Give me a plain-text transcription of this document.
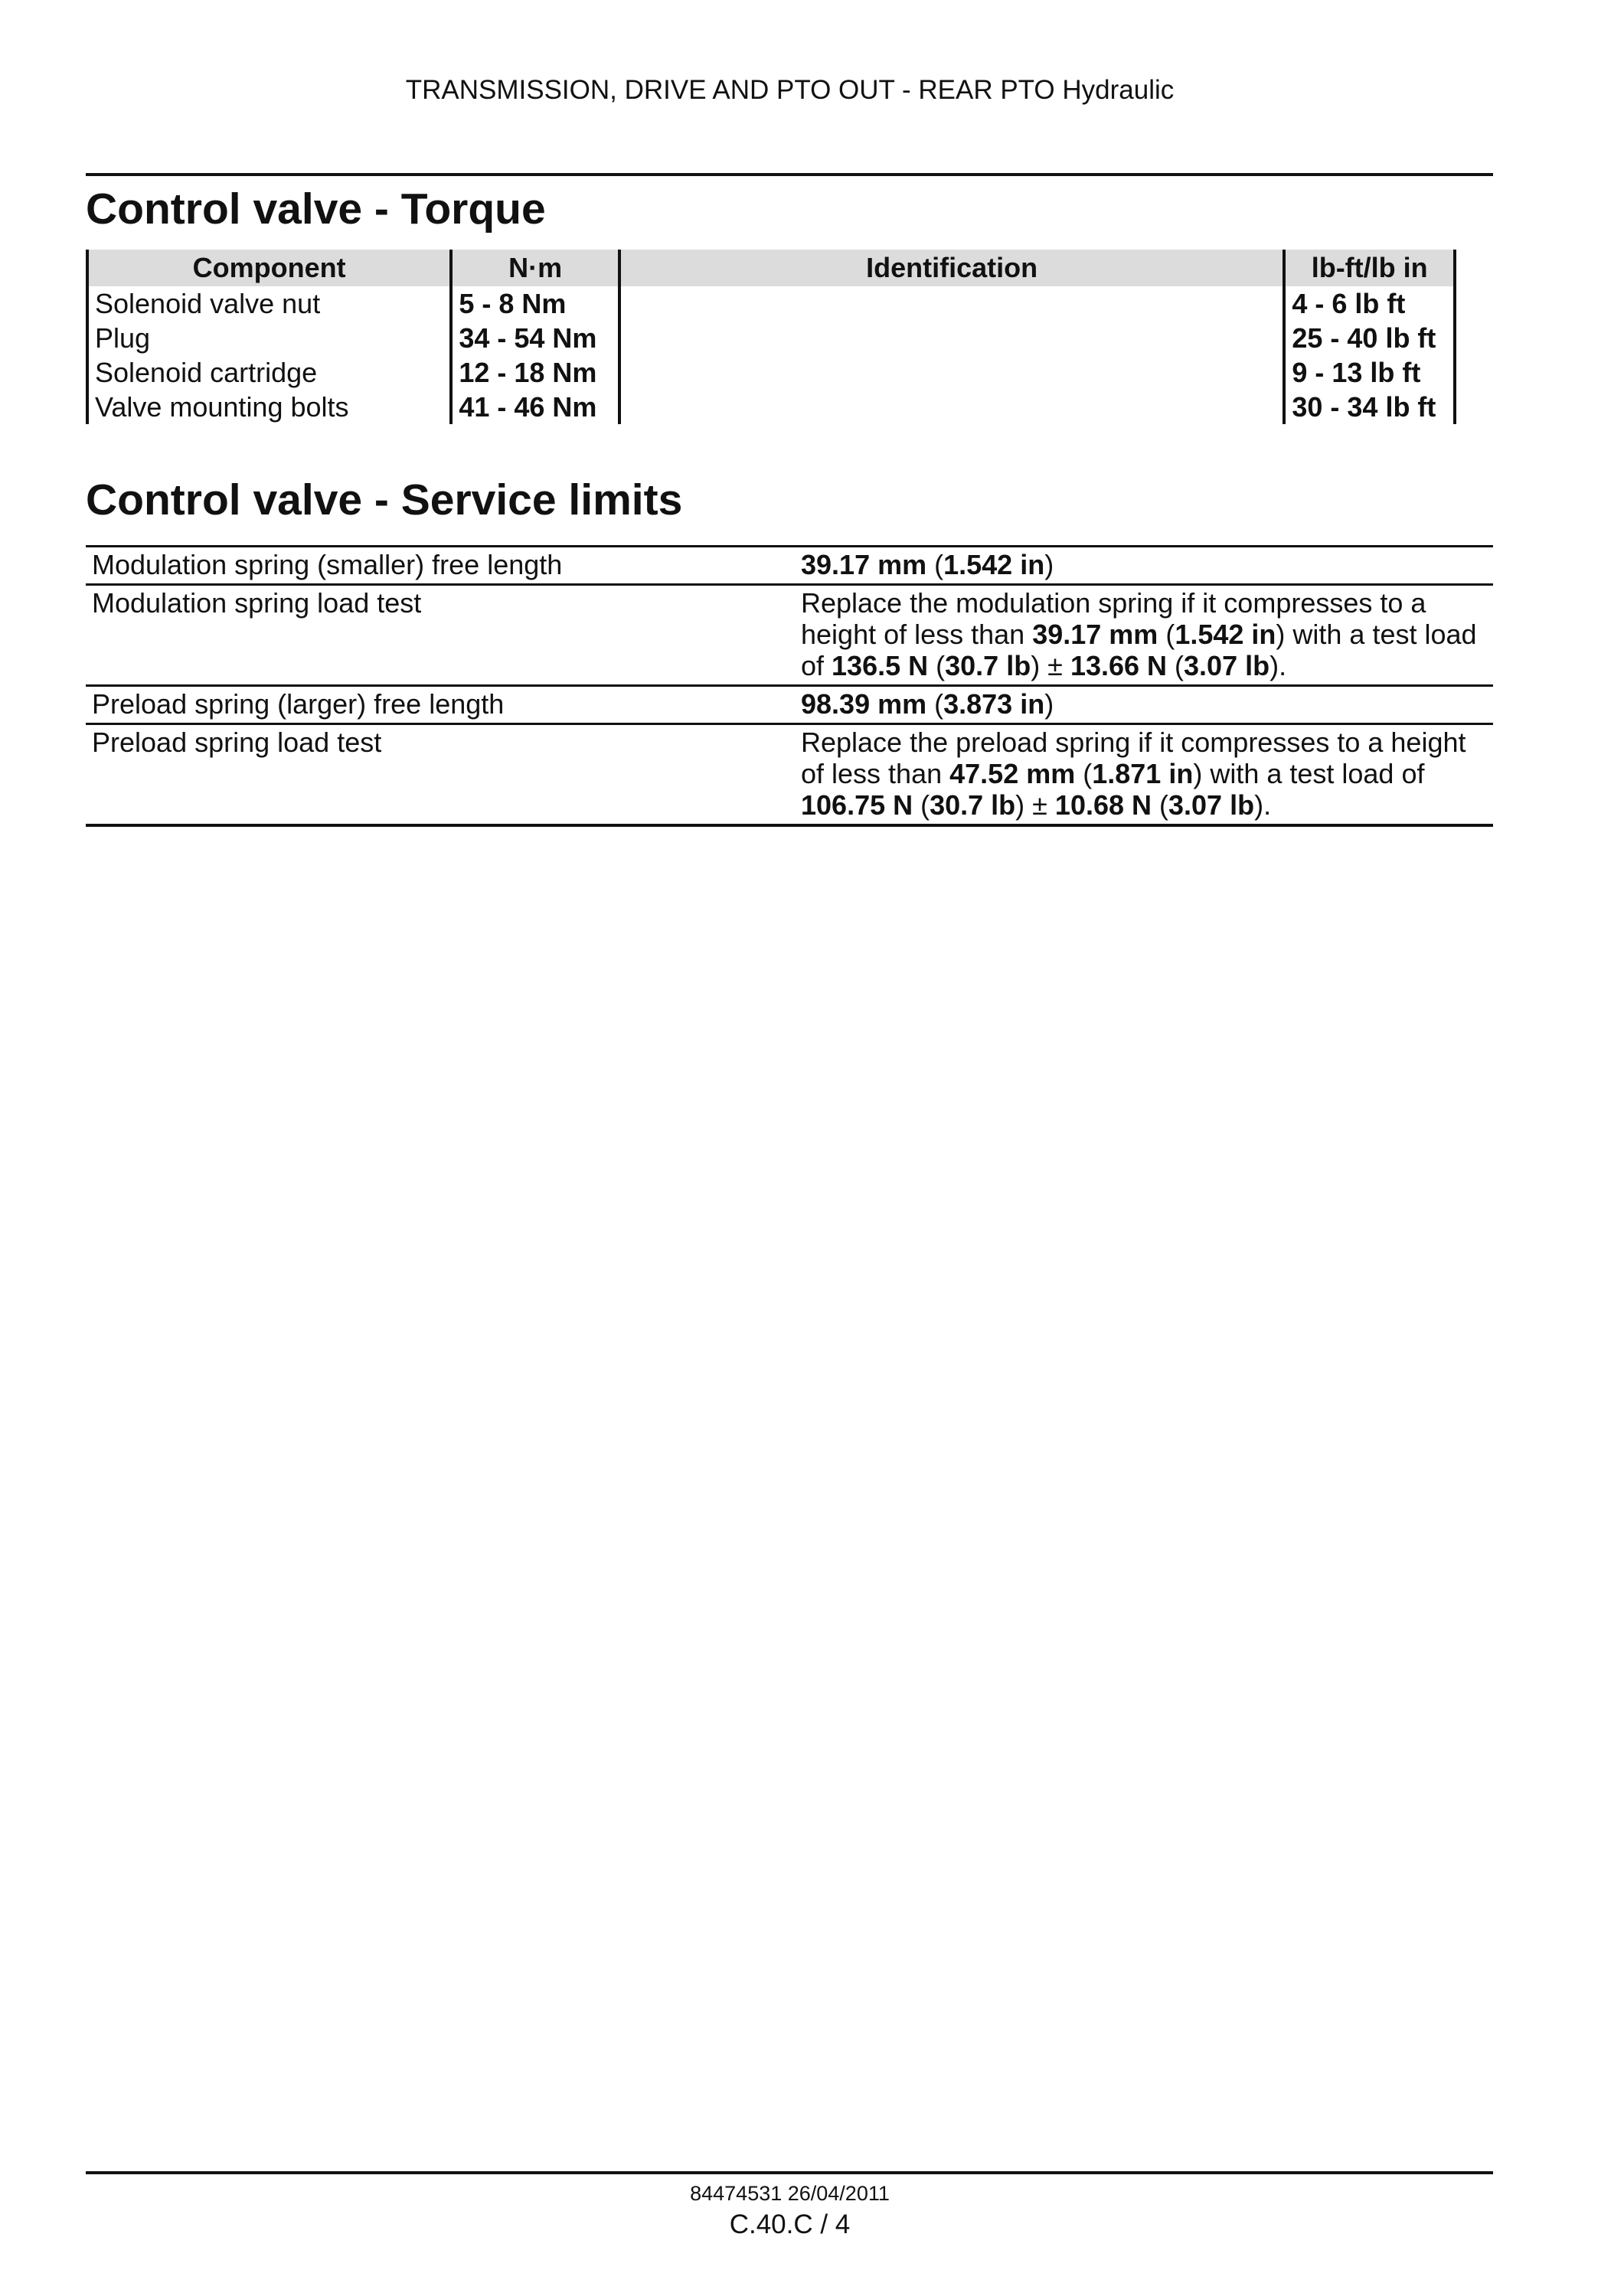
TRANSMISSION, DRIVE AND PTO OUT - REAR PTO Hydraulic
Control valve - Torque
Component	N·m	Identification	lb-ft/lb in
Solenoid valve nut	5 - 8 Nm		4 - 6 lb ft
Plug	34 - 54 Nm		25 - 40 lb ft
Solenoid cartridge	12 - 18 Nm		9 - 13 lb ft
Valve mounting bolts	41 - 46 Nm		30 - 34 lb ft
Control valve - Service limits
Modulation spring (smaller) free length	39.17 mm (1.542 in)
Modulation spring load test	Replace the modulation spring if it compresses to a height of less than 39.17 mm (1.542 in) with a test load of 136.5 N (30.7 lb) ± 13.66 N (3.07 lb).
Preload spring (larger) free length	98.39 mm (3.873 in)
Preload spring load test	Replace the preload spring if it compresses to a height of less than 47.52 mm (1.871 in) with a test load of 106.75 N (30.7 lb) ± 10.68 N (3.07 lb).
84474531 26/04/2011
C.40.C / 4
